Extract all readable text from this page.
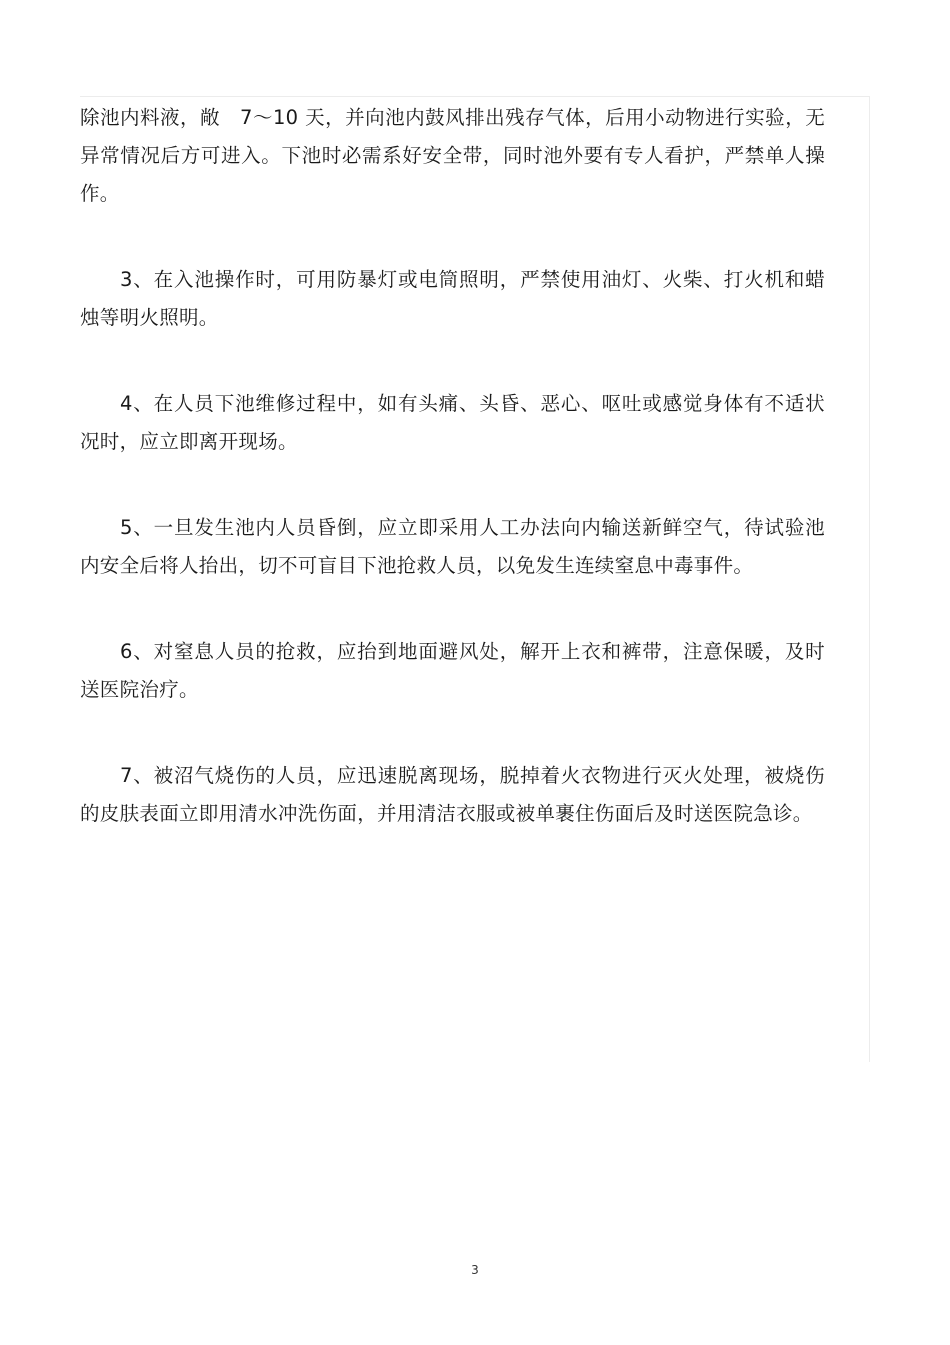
除池内料液，敞　7～10 天，并向池内鼓风排出残存气体，后用小动物进行实验，无异常情况后方可进入。下池时必需系好安全带，同时池外要有专人看护，严禁单人操作。

3、在入池操作时，可用防暴灯或电筒照明，严禁使用油灯、火柴、打火机和蜡烛等明火照明。

4、在人员下池维修过程中，如有头痛、头昏、恶心、呕吐或感觉身体有不适状况时，应立即离开现场。

5、一旦发生池内人员昏倒，应立即采用人工办法向内输送新鲜空气，待试验池内安全后将人抬出，切不可盲目下池抢救人员，以免发生连续窒息中毒事件。

6、对窒息人员的抢救，应抬到地面避风处，解开上衣和裤带，注意保暖，及时送医院治疗。

7、被沼气烧伤的人员，应迅速脱离现场，脱掉着火衣物进行灭火处理，被烧伤的皮肤表面立即用清水冲洗伤面，并用清洁衣服或被单裹住伤面后及时送医院急诊。

3
